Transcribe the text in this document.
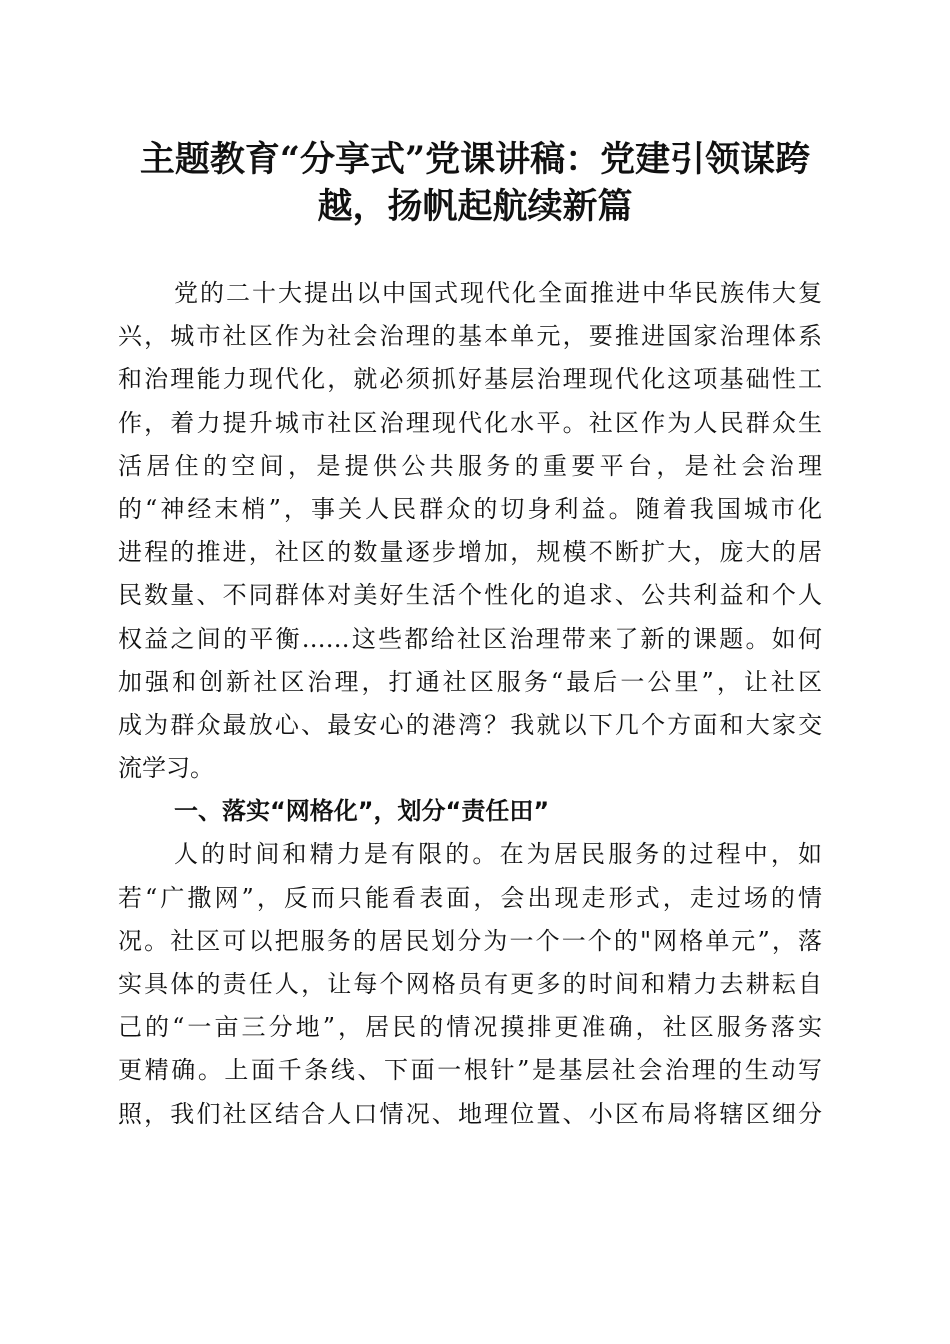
主题教育“分享式”党课讲稿：党建引领谋跨
越，扬帆起航续新篇
党的二十大提出以中国式现代化全面推进中华民族伟大复
兴，城市社区作为社会治理的基本单元，要推进国家治理体系
和治理能力现代化，就必须抓好基层治理现代化这项基础性工
作，着力提升城市社区治理现代化水平。社区作为人民群众生
活居住的空间，是提供公共服务的重要平台，是社会治理
的“神经末梢”，事关人民群众的切身利益。随着我国城市化
进程的推进，社区的数量逐步增加，规模不断扩大，庞大的居
民数量、不同群体对美好生活个性化的追求、公共利益和个人
权益之间的平衡……这些都给社区治理带来了新的课题。如何
加强和创新社区治理，打通社区服务“最后一公里”，让社区
成为群众最放心、最安心的港湾？我就以下几个方面和大家交
流学习。
一、落实“网格化”，划分“责任田”
人的时间和精力是有限的。在为居民服务的过程中，如
若“广撒网”，反而只能看表面，会出现走形式，走过场的情
况。社区可以把服务的居民划分为一个一个的"网格单元”，落
实具体的责任人，让每个网格员有更多的时间和精力去耕耘自
己的“一亩三分地”，居民的情况摸排更准确，社区服务落实
更精确。上面千条线、下面一根针”是基层社会治理的生动写
照，我们社区结合人口情况、地理位置、小区布局将辖区细分
